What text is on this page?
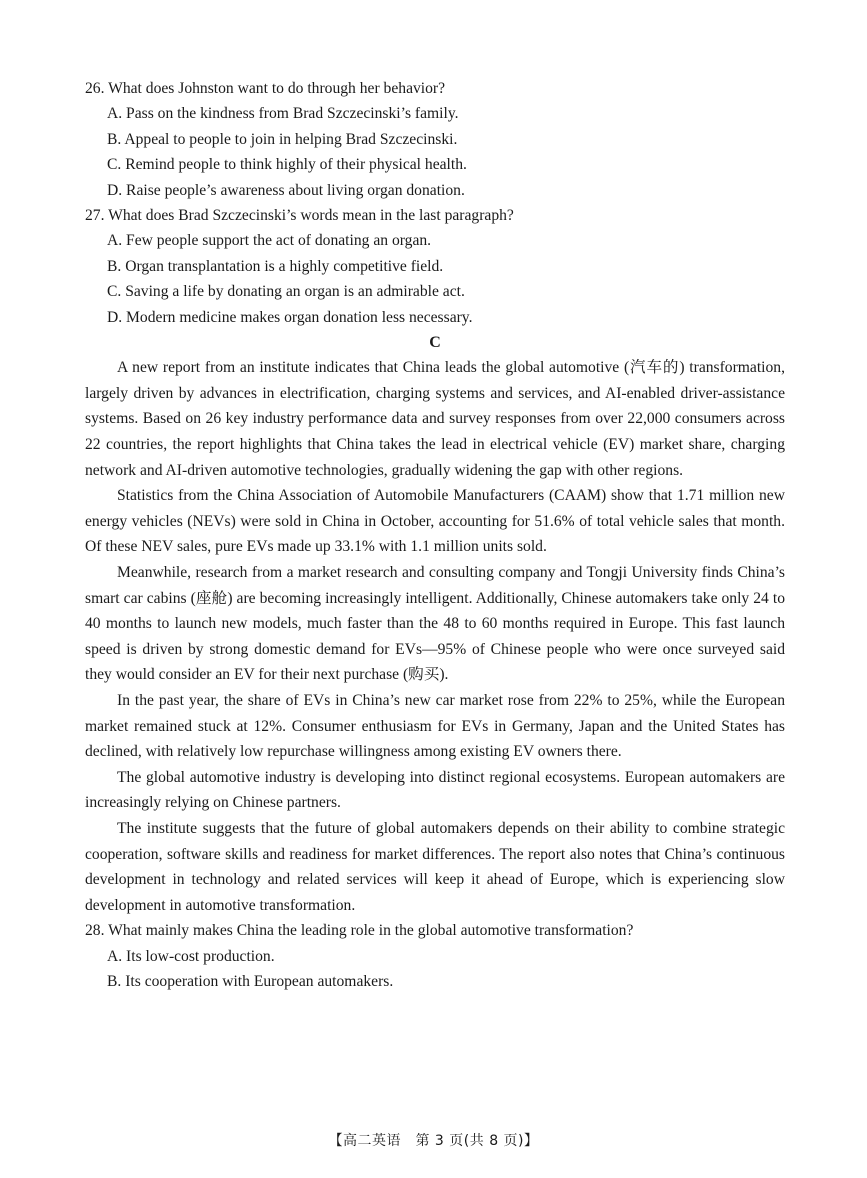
26. What does Johnston want to do through her behavior?
A. Pass on the kindness from Brad Szczecinski’s family.
B. Appeal to people to join in helping Brad Szczecinski.
C. Remind people to think highly of their physical health.
D. Raise people’s awareness about living organ donation.
27. What does Brad Szczecinski’s words mean in the last paragraph?
A. Few people support the act of donating an organ.
B. Organ transplantation is a highly competitive field.
C. Saving a life by donating an organ is an admirable act.
D. Modern medicine makes organ donation less necessary.
C

A new report from an institute indicates that China leads the global automotive (汽车的) transformation, largely driven by advances in electrification, charging systems and services, and AI-enabled driver-assistance systems. Based on 26 key industry performance data and survey responses from over 22,000 consumers across 22 countries, the report highlights that China takes the lead in electrical vehicle (EV) market share, charging network and AI-driven automotive technologies, gradually widening the gap with other regions.

Statistics from the China Association of Automobile Manufacturers (CAAM) show that 1.71 million new energy vehicles (NEVs) were sold in China in October, accounting for 51.6% of total vehicle sales that month. Of these NEV sales, pure EVs made up 33.1% with 1.1 million units sold.

Meanwhile, research from a market research and consulting company and Tongji University finds China’s smart car cabins (座舱) are becoming increasingly intelligent. Additionally, Chinese automakers take only 24 to 40 months to launch new models, much faster than the 48 to 60 months required in Europe. This fast launch speed is driven by strong domestic demand for EVs—95% of Chinese people who were once surveyed said they would consider an EV for their next purchase (购买).

In the past year, the share of EVs in China’s new car market rose from 22% to 25%, while the European market remained stuck at 12%. Consumer enthusiasm for EVs in Germany, Japan and the United States has declined, with relatively low repurchase willingness among existing EV owners there.

The global automotive industry is developing into distinct regional ecosystems. European automakers are increasingly relying on Chinese partners.

The institute suggests that the future of global automakers depends on their ability to combine strategic cooperation, software skills and readiness for market differences. The report also notes that China’s continuous development in technology and related services will keep it ahead of Europe, which is experiencing slow development in automotive transformation.

28. What mainly makes China the leading role in the global automotive transformation?
A. Its low-cost production.
B. Its cooperation with European automakers.
【高二英语　第 3 页(共 8 页)】
